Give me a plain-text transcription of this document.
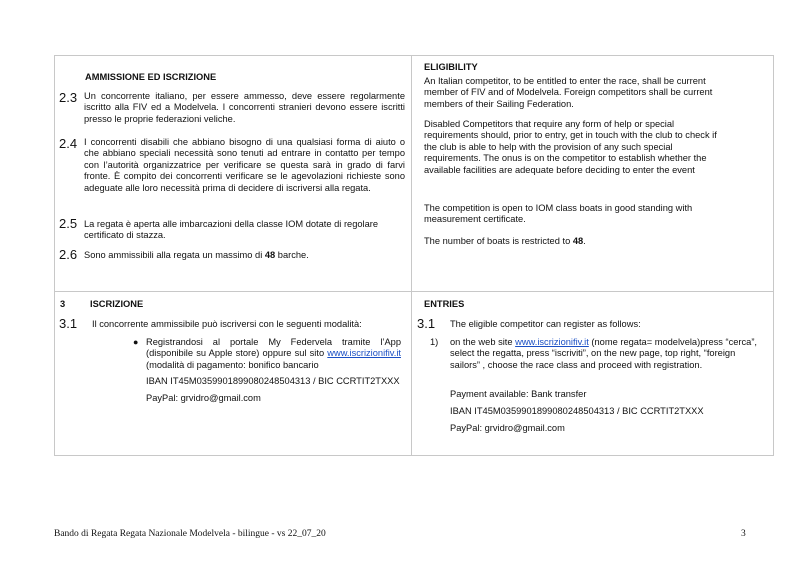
AMMISSIONE ED ISCRIZIONE
2.3 Un concorrente italiano, per essere ammesso, deve essere regolarmente iscritto alla FIV ed a Modelvela. I concorrenti stranieri devono essere iscritti presso le proprie federazioni veliche.
2.4 I concorrenti disabili che abbiano bisogno di una qualsiasi forma di aiuto o che abbiano speciali necessità sono tenuti ad entrare in contatto per tempo con l’autorità organizzatrice per verificare se questa sarà in grado di farvi fronte. È compito dei concorrenti verificare se le agevolazioni richieste sono adeguate alle loro necessità prima di decidere di iscriversi alla regata.
2.5 La regata è aperta alle imbarcazioni della classe IOM dotate di regolare certificato di stazza.
2.6 Sono ammissibili alla regata un massimo di 48 barche.
ELIGIBILITY
An Italian competitor, to be entitled to enter the race, shall be current member of FIV and of Modelvela. Foreign competitors shall be current members of their Sailing Federation.
Disabled Competitors that require any form of help or special requirements should, prior to entry, get in touch with the club to check if the club is able to help with the provision of any such special requirements. The onus is on the competitor to establish whether the available facilities are adequate before deciding to enter the event
The competition is open to IOM class boats in good standing with measurement certificate.
The number of boats is restricted to 48.
3	ISCRIZIONE
3.1 Il concorrente ammissibile può iscriversi con le seguenti modalità:
● Registrandosi al portale My Federvela tramite l’App (disponibile su Apple store) oppure sul sito www.iscrizionifiv.it (modalità di pagamento: bonifico bancario
IBAN IT45M0359901899080248504313 / BIC CCRTIT2TXXX
PayPal: grvidro@gmail.com
ENTRIES
3.1 The eligible competitor can register as follows:
1) on the web site www.iscrizionifiv.it (nome regata= modelvela)press “cerca”, select the regatta, press “iscriviti”, on the new page, top right, “foreign sailors” , choose the race class and proceed with registration.
Payment available: Bank transfer
IBAN IT45M0359901899080248504313 / BIC CCRTIT2TXXX
PayPal: grvidro@gmail.com
Bando di Regata Regata Nazionale Modelvela - bilingue - vs 22_07_20	3
